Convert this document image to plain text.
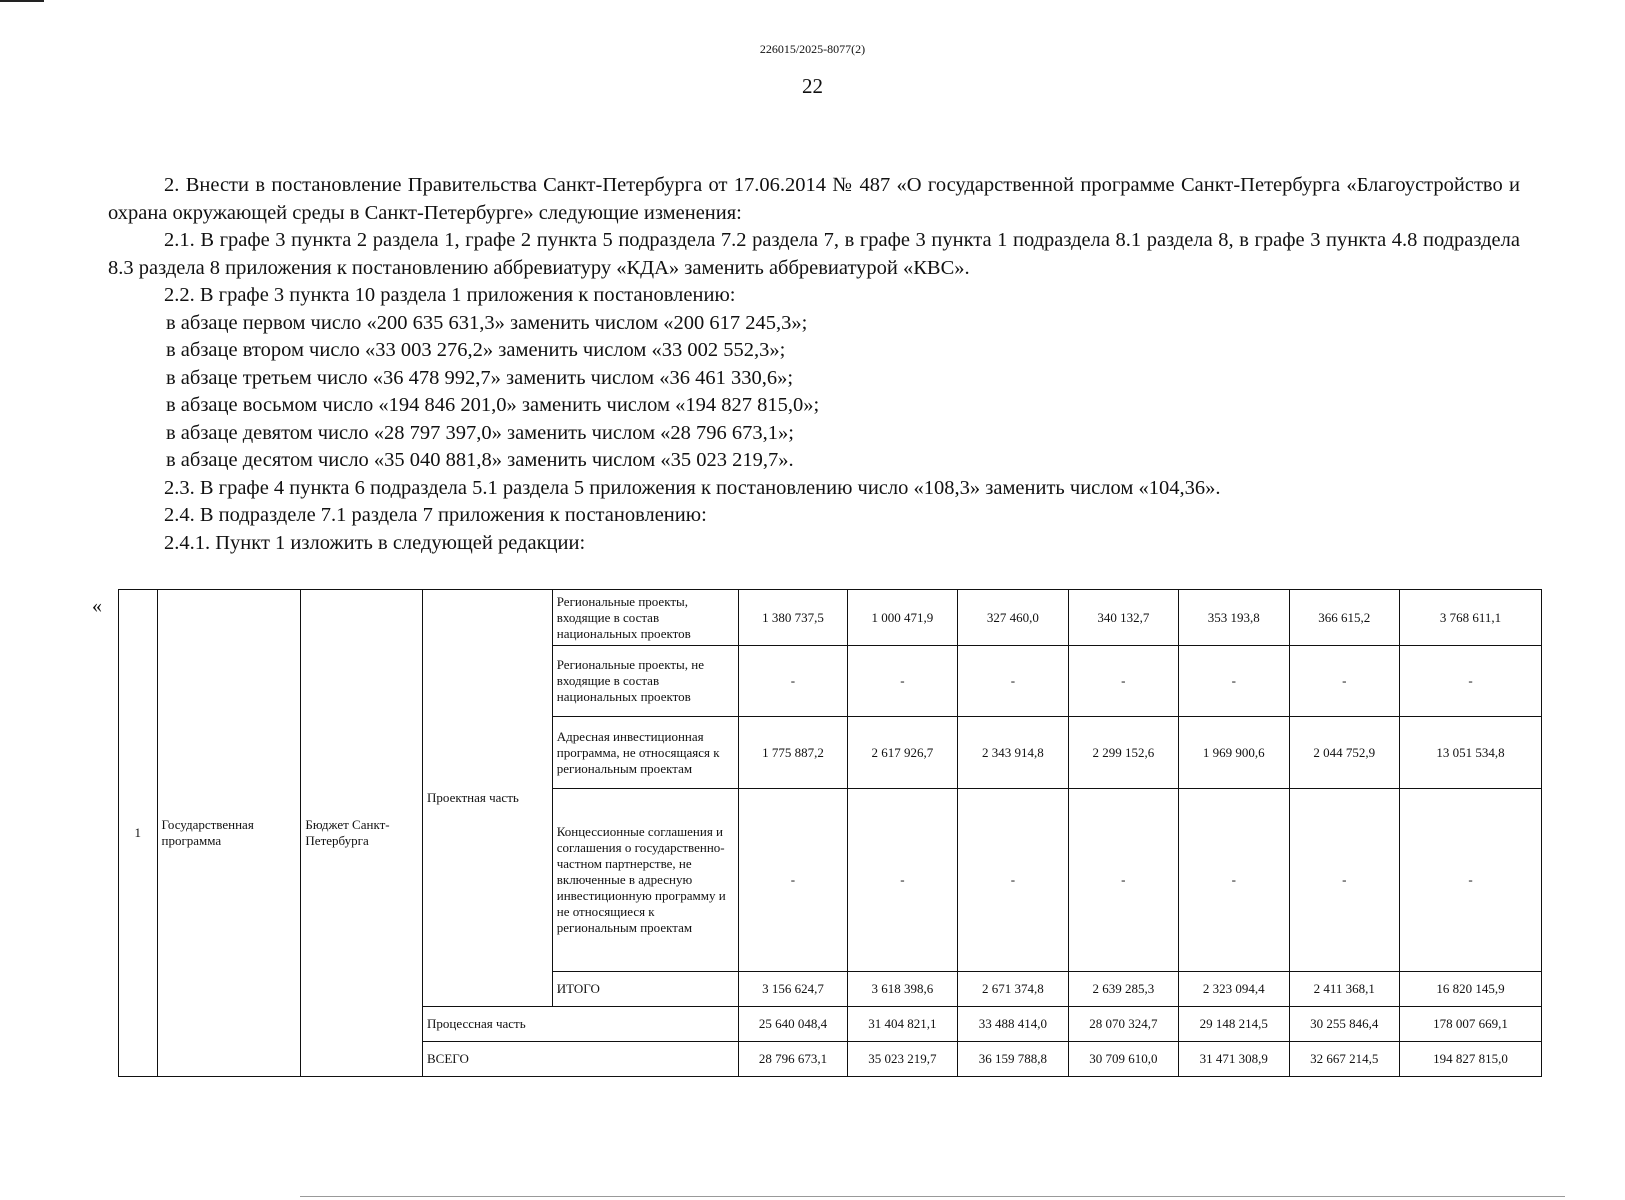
226015/2025-8077(2)
22

2. Внести в постановление Правительства Санкт-Петербурга от 17.06.2014 № 487 «О государственной программе Санкт-Петербурга «Благоустройство и охрана окружающей среды в Санкт-Петербурге» следующие изменения:

2.1. В графе 3 пункта 2 раздела 1, графе 2 пункта 5 подраздела 7.2 раздела 7, в графе 3 пункта 1 подраздела 8.1 раздела 8, в графе 3 пункта 4.8 подраздела 8.3 раздела 8 приложения к постановлению аббревиатуру «КДА» заменить аббревиатурой «КВС».

2.2. В графе 3 пункта 10 раздела 1 приложения к постановлению:

в абзаце первом число «200 635 631,3» заменить числом «200 617 245,3»;

в абзаце втором число «33 003 276,2» заменить числом «33 002 552,3»;

в абзаце третьем число «36 478 992,7» заменить числом «36 461 330,6»;

в абзаце восьмом число «194 846 201,0» заменить числом «194 827 815,0»;

в абзаце девятом число «28 797 397,0» заменить числом «28 796 673,1»;

в абзаце десятом число «35 040 881,8» заменить числом «35 023 219,7».

2.3. В графе 4 пункта 6 подраздела 5.1 раздела 5 приложения к постановлению число «108,3» заменить числом «104,36».

2.4. В подразделе 7.1 раздела 7 приложения к постановлению:

2.4.1. Пункт 1 изложить в следующей редакции:

«
1	Государственная программа	Бюджет Санкт-Петербурга	Проектная часть	Региональные проекты, входящие в состав национальных проектов	1 380 737,5	1 000 471,9	327 460,0	340 132,7	353 193,8	366 615,2	3 768 611,1
				Региональные проекты, не входящие в состав национальных проектов	-	-	-	-	-	-	-
				Адресная инвестиционная программа, не относящаяся к региональным проектам	1 775 887,2	2 617 926,7	2 343 914,8	2 299 152,6	1 969 900,6	2 044 752,9	13 051 534,8
				Концессионные соглашения и соглашения о государственно-частном партнерстве, не включенные в адресную инвестиционную программу и не относящиеся к региональным проектам	-	-	-	-	-	-	-
				ИТОГО	3 156 624,7	3 618 398,6	2 671 374,8	2 639 285,3	2 323 094,4	2 411 368,1	16 820 145,9
			Процессная часть		25 640 048,4	31 404 821,1	33 488 414,0	28 070 324,7	29 148 214,5	30 255 846,4	178 007 669,1
			ВСЕГО		28 796 673,1	35 023 219,7	36 159 788,8	30 709 610,0	31 471 308,9	32 667 214,5	194 827 815,0
